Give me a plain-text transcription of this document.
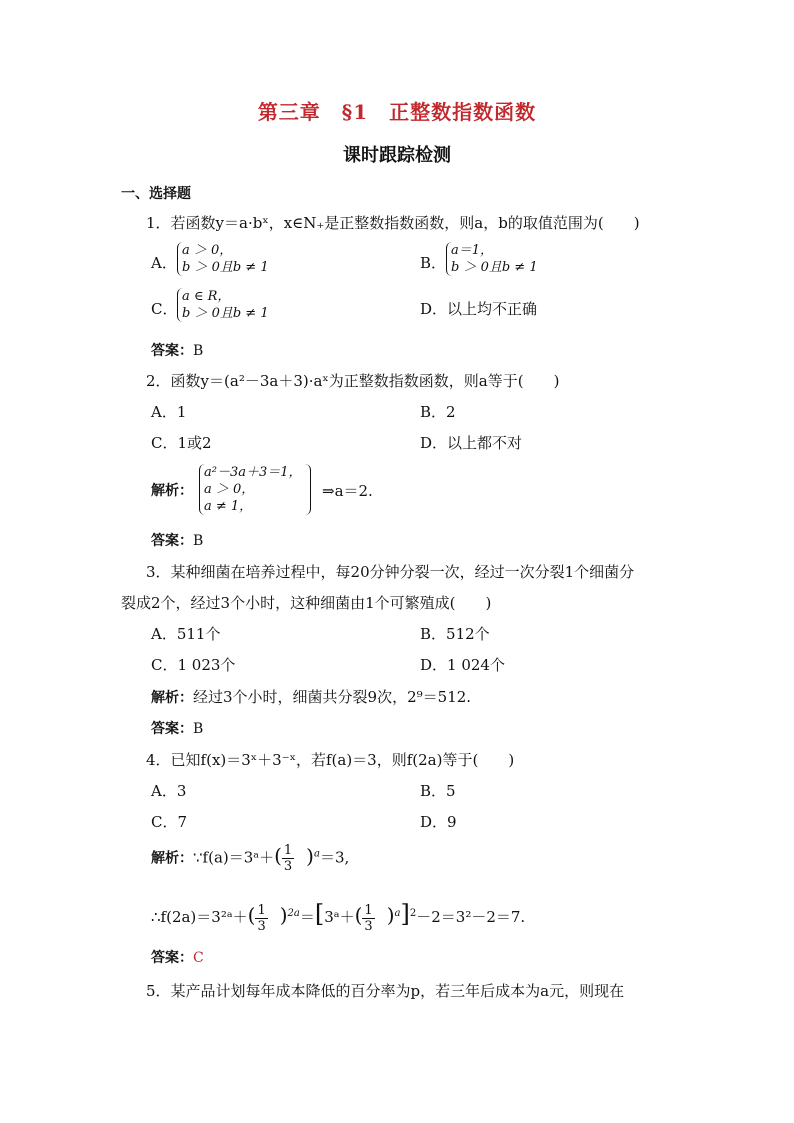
第三章　§1　正整数指数函数
课时跟踪检测
一、选择题
1．若函数y＝a·bˣ，x∈N₊是正整数指数函数，则a，b的取值范围为(　　)
A．
a ＞ 0，
b ＞ 0且b ≠ 1	B．
a＝1，
b ＞ 0且b ≠ 1
C．
a ∈ R，
b ＞ 0且b ≠ 1	D．以上均不正确
答案：B
2．函数y＝(a²－3a＋3)·aˣ为正整数指数函数，则a等于(　　)
A．1	B．2
C．1或2	D．以上都不对
解析：
a²－3a＋3＝1，
a ＞ 0，
a ≠ 1，
⇒a＝2.
答案：B
3．某种细菌在培养过程中，每20分钟分裂一次，经过一次分裂1个细菌分
裂成2个，经过3个小时，这种细菌由1个可繁殖成(　　)
A．511个	B．512个
C．1 023个	D．1 024个
解析：经过3个小时，细菌共分裂9次，2⁹＝512.
答案：B
4．已知f(x)＝3ˣ＋3⁻ˣ，若f(a)＝3，则f(2a)等于(　　)
A．3	B．5
C．7	D．9
解析：∵f(a)＝3ᵃ＋( $\frac{1}{3} )^a=3$,
∴f(2a)＝3²ᵃ＋( $\frac{1}{3}$ )$^{2a}$＝[3ᵃ＋( $\frac{1}{3} )^a]^2-2=3^2-2=7$.
答案：C
5．某产品计划每年成本降低的百分率为p，若三年后成本为a元，则现在
